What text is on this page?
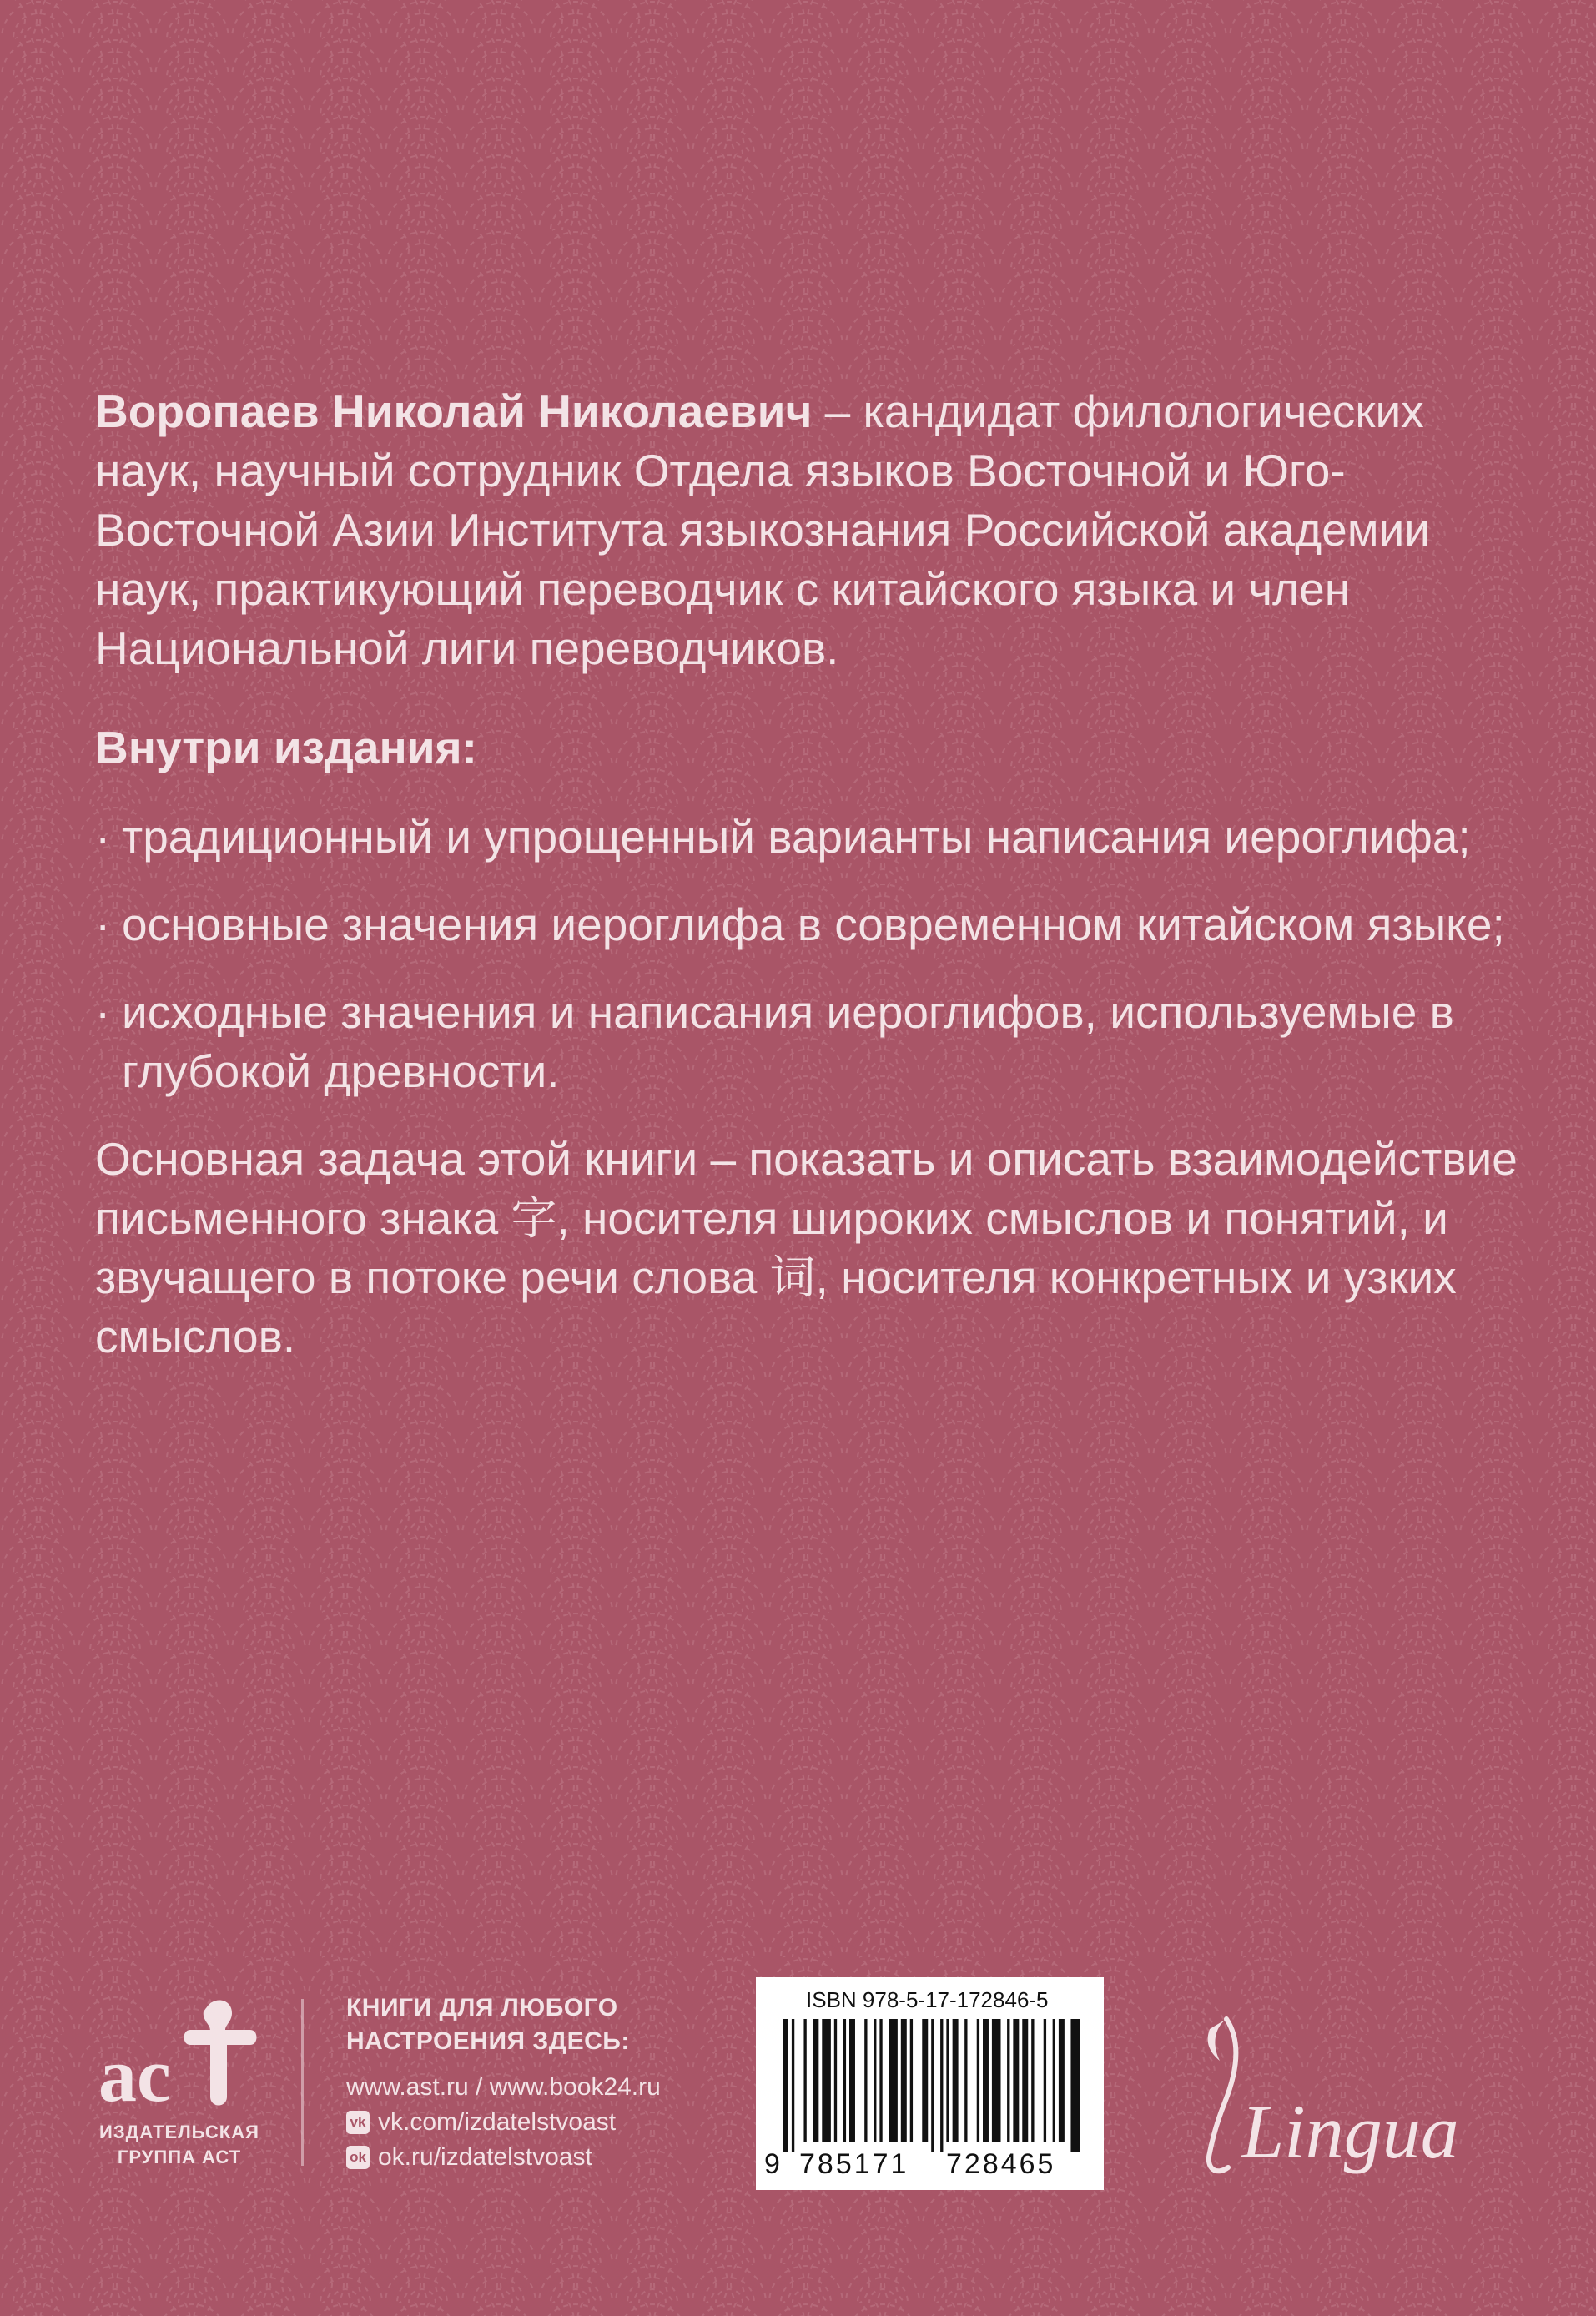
Воропаев Николай Николаевич – кандидат филологических наук, научный сотрудник Отдела языков Восточной и Юго-Восточной Азии Института языкознания Российской академии наук, практикующий переводчик с китайского языка и член Национальной лиги переводчиков.

Внутри издания:
· традиционный и упрощенный варианты написания иероглифа;
· основные значения иероглифа в современном китайском языке;
· исходные значения и написания иероглифов, используемые в глубокой древности.

Основная задача этой книги – показать и описать взаимодействие письменного знака 字, носителя широких смыслов и понятий, и звучащего в потоке речи слова 词, носителя конкретных и узких смыслов.

ac
ИЗДАТЕЛЬСКАЯ
ГРУППА АСТ
КНИГИ ДЛЯ ЛЮБОГО
НАСТРОЕНИЯ ЗДЕСЬ:
www.ast.ru / www.book24.ru
vk vk.com/izdatelstvoast
ok ok.ru/izdatelstvoast
ISBN 978-5-17-172846-5
9 785171 728465 Lingua
